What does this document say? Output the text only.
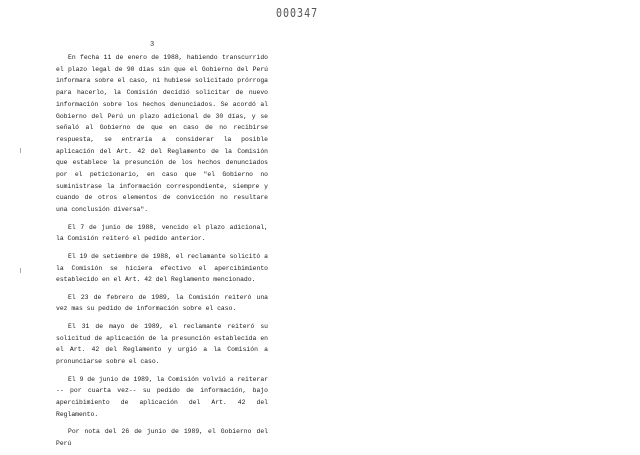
000347
3

En fecha 11 de enero de 1988, habiendo transcurrido el plazo legal de 90 días sin que el Gobierno del Perú informara sobre el caso, ni hubiese solicitado prórroga para hacerlo, la Comisión decidió solicitar de nuevo información sobre los hechos denunciados. Se acordó al Gobierno del Perú un plazo adicional de 30 días, y se señaló al Gobierno de que en caso de no recibirse respuesta, se entraría a considerar la posible aplicación del Art. 42 del Reglamento de la Comisión que establece la presunción de los hechos denunciados por el peticionario, en caso que "el Gobierno no suministrase la información correspondiente, siempre y cuando de otros elementos de convicción no resultare una conclusión diversa".

El 7 de junio de 1988, vencido el plazo adicional, la Comisión reiteró el pedido anterior.

El 19 de setiembre de 1988, el reclamante solicitó a la Comisión se hiciera efectivo el apercibimiento establecido en el Art. 42 del Reglamento mencionado.

El 23 de febrero de 1989, la Comisión reiteró una vez mas su pedido de información sobre el caso.

El 31 de mayo de 1989, el reclamante reiteró su solicitud de aplicación de la presunción establecida en el Art. 42 del Reglamento y urgió a la Comisión a pronunciarse sobre el caso.

El 9 de junio de 1989, la Comisión volvió a reiterar -- por cuarta vez-- su pedido de información, bajo apercibimiento de aplicación del Art. 42 del Reglamento.

Por nota del 26 de junio de 1989, el Gobierno del Perú
